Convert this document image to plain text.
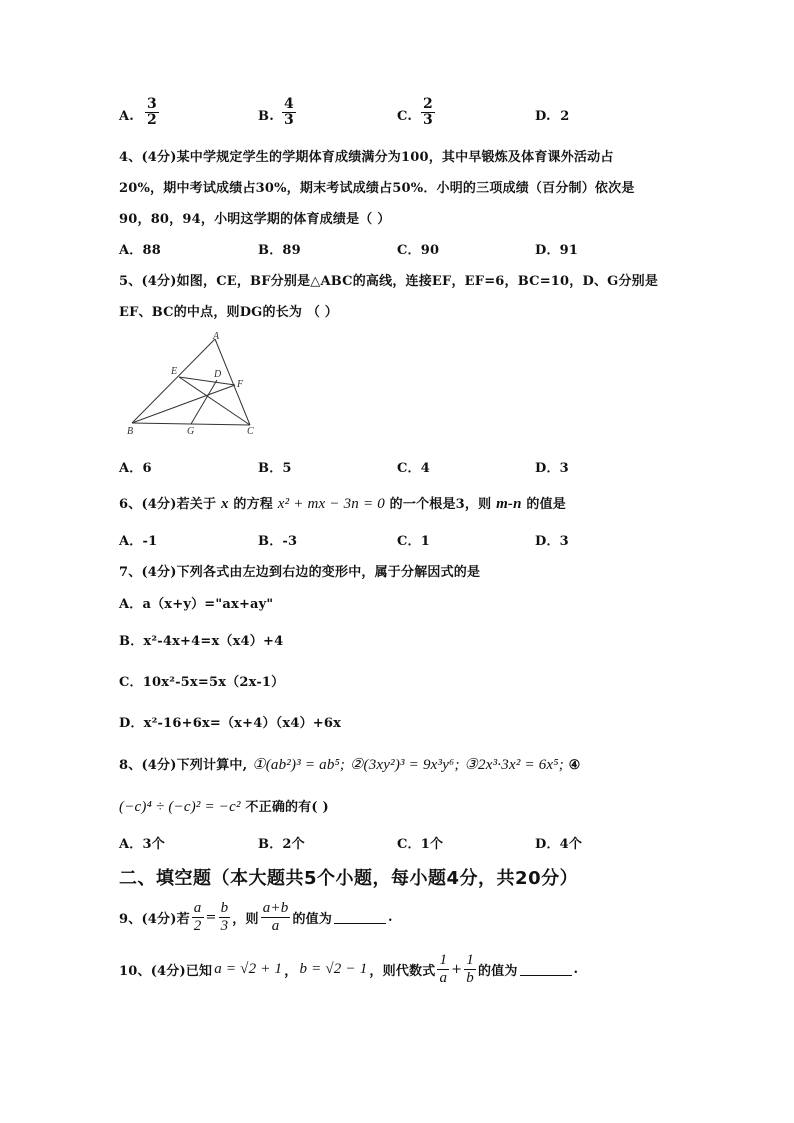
A. $\frac{3}{2}$	B. $\frac{4}{3}$	C. $\frac{2}{3}$	D. 2
4、(4分)某中学规定学生的学期体育成绩满分为100，其中早锻炼及体育课外活动占
20%，期中考试成绩占30%，期末考试成绩占50%．小明的三项成绩（百分制）依次是
90，80，94，小明这学期的体育成绩是（ ）
A．88	B．89	C．90	D．91
5、(4分)如图，CE，BF分别是△ABC的高线，连接EF，EF=6，BC=10，D、G分别是
EF、BC的中点，则DG的长为 （ ）
A
E	D
F
B	G	C
A．6	B．5	C．4	D．3
6、(4分)若关于 x 的方程 x² + mx − 3n = 0 的一个根是3，则 m-n 的值是
A．-1	B．-3	C．1	D．3
7、(4分)下列各式由左边到右边的变形中，属于分解因式的是
A．a（x+y）="ax+ay"
B．x²-4x+4=x（x4）+4
C．10x²-5x=5x（2x-1）
D．x²-16+6x=（x+4）（x4）+6x
8、(4分)下列计算中, ①(ab²)³ = ab⁵; ②(3xy²)³ = 9x³y⁶; ③2x³·3x² = 6x⁵; ④
(−c)⁴ ÷ (−c)² = −c² 不正确的有( )
A．3个	B．2个	C．1个	D．4个
二、填空题（本大题共5个小题，每小题4分，共20分）
9、(4分)若 $\frac{a}{2} = \frac{b}{3}$ ，则 $\frac{a+b}{a}$ 的值为	.
10、(4分)已知 a = √2 + 1 ， b = √2 − 1 ，则代数式 $\frac{1}{a} + \frac{1}{b}$ 的值为	.
